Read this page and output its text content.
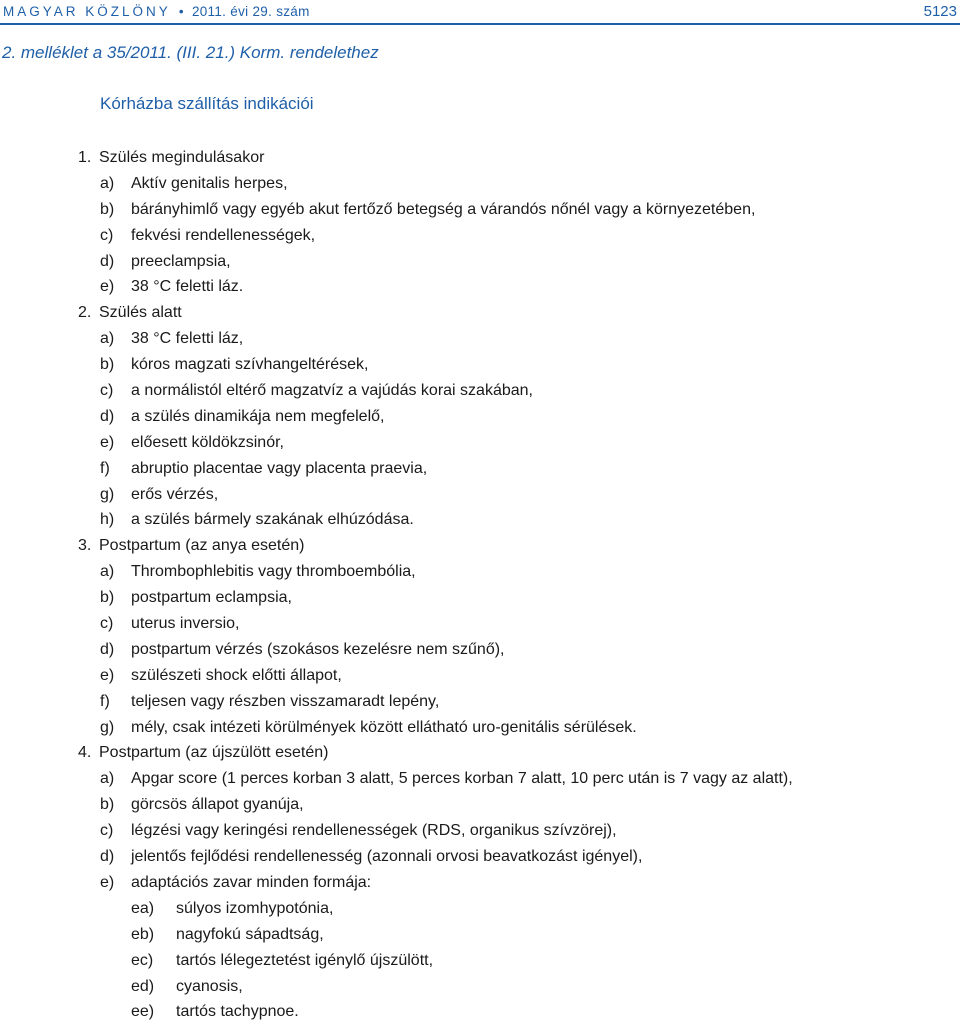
MAGYAR KÖZLÖNY • 2011. évi 29. szám	5123
2. melléklet a 35/2011. (III. 21.) Korm. rendelethez
Kórházba szállítás indikációi
1. Szülés megindulásakor
a)	Aktív genitalis herpes,
b)	bárányhimlő vagy egyéb akut fertőző betegség a várandós nőnél vagy a környezetében,
c)	fekvési rendellenességek,
d)	preeclampsia,
e)	38 °C feletti láz.
2. Szülés alatt
a)	38 °C feletti láz,
b)	kóros magzati szívhangeltérések,
c)	a normálistól eltérő magzatvíz a vajúdás korai szakában,
d)	a szülés dinamikája nem megfelelő,
e)	előesett köldökzsinór,
f)	abruptio placentae vagy placenta praevia,
g)	erős vérzés,
h)	a szülés bármely szakának elhúzódása.
3. Postpartum (az anya esetén)
a)	Thrombophlebitis vagy thromboembólia,
b)	postpartum eclampsia,
c)	uterus inversio,
d)	postpartum vérzés (szokásos kezelésre nem szűnő),
e)	szülészeti shock előtti állapot,
f)	teljesen vagy részben visszamaradt lepény,
g)	mély, csak intézeti körülmények között ellátható uro-genitális sérülések.
4. Postpartum (az újszülött esetén)
a)	Apgar score (1 perces korban 3 alatt, 5 perces korban 7 alatt, 10 perc után is 7 vagy az alatt),
b)	görcsös állapot gyanúja,
c)	légzési vagy keringési rendellenességek (RDS, organikus szívzörej),
d)	jelentős fejlődési rendellenesség (azonnali orvosi beavatkozást igényel),
e)	adaptációs zavar minden formája:
ea)	súlyos izomhypotónia,
eb)	nagyfokú sápadtság,
ec)	tartós lélegeztetést igénylő újszülött,
ed)	cyanosis,
ee)	tartós tachypnoe.
